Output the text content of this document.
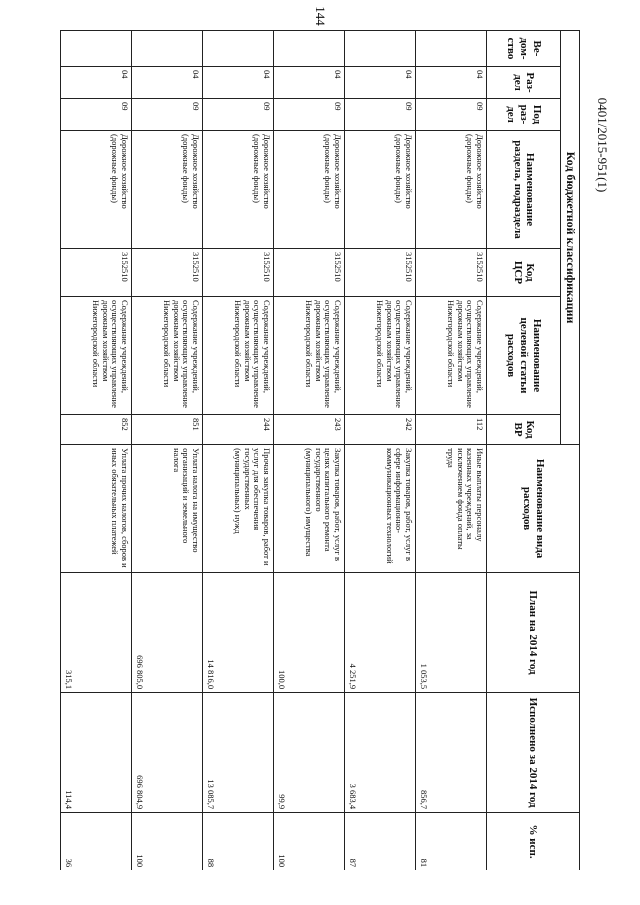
144
0401/2015-951(1)
Код бюджетной классификации							Наименование вида расходов	План на 2014 год	Исполнено за 2014 год	% исп.
Ве-дом-ство	Раз-дел	Под раз-дел	Наименование раздела, подраздела	Код ЦСР	Наименование целевой статьи расходов	Код ВР				
	04	09	Дорожное хозяйство (дорожные фонды)	3152510	Содержание учреждений, осуществляющих управление дорожным хозяйством Нижегородской области	112	Иные выплаты персоналу казенных учреждений, за исключением фонда оплаты труда	1 053,5	856,7	81
	04	09	Дорожное хозяйство (дорожные фонды)	3152510	Содержание учреждений, осуществляющих управление дорожным хозяйством Нижегородской области	242	Закупка товаров, работ, услуг в сфере информационно-коммуникационных технологий	4 251,9	3 683,4	87
	04	09	Дорожное хозяйство (дорожные фонды)	3152510	Содержание учреждений, осуществляющих управление дорожным хозяйством Нижегородской области	243	Закупка товаров, работ, услуг в целях капитального ремонта государственного (муниципального) имущества	100,0	99,9	100
	04	09	Дорожное хозяйство (дорожные фонды)	3152510	Содержание учреждений, осуществляющих управление дорожным хозяйством Нижегородской области	244	Прочая закупка товаров, работ и услуг для обеспечения государственных (муниципальных) нужд	14 816,0	13 085,7	88
	04	09	Дорожное хозяйство (дорожные фонды)	3152510	Содержание учреждений, осуществляющих управление дорожным хозяйством Нижегородской области	851	Уплата налога на имущество организаций и земельного налога	696 805,0	696 804,9	100
	04	09	Дорожное хозяйство (дорожные фонды)	3152510	Содержание учреждений, осуществляющих управление дорожным хозяйством Нижегородской области	852	Уплата прочих налогов, сборов и иных обязательных платежей	315,1	114,4	36
